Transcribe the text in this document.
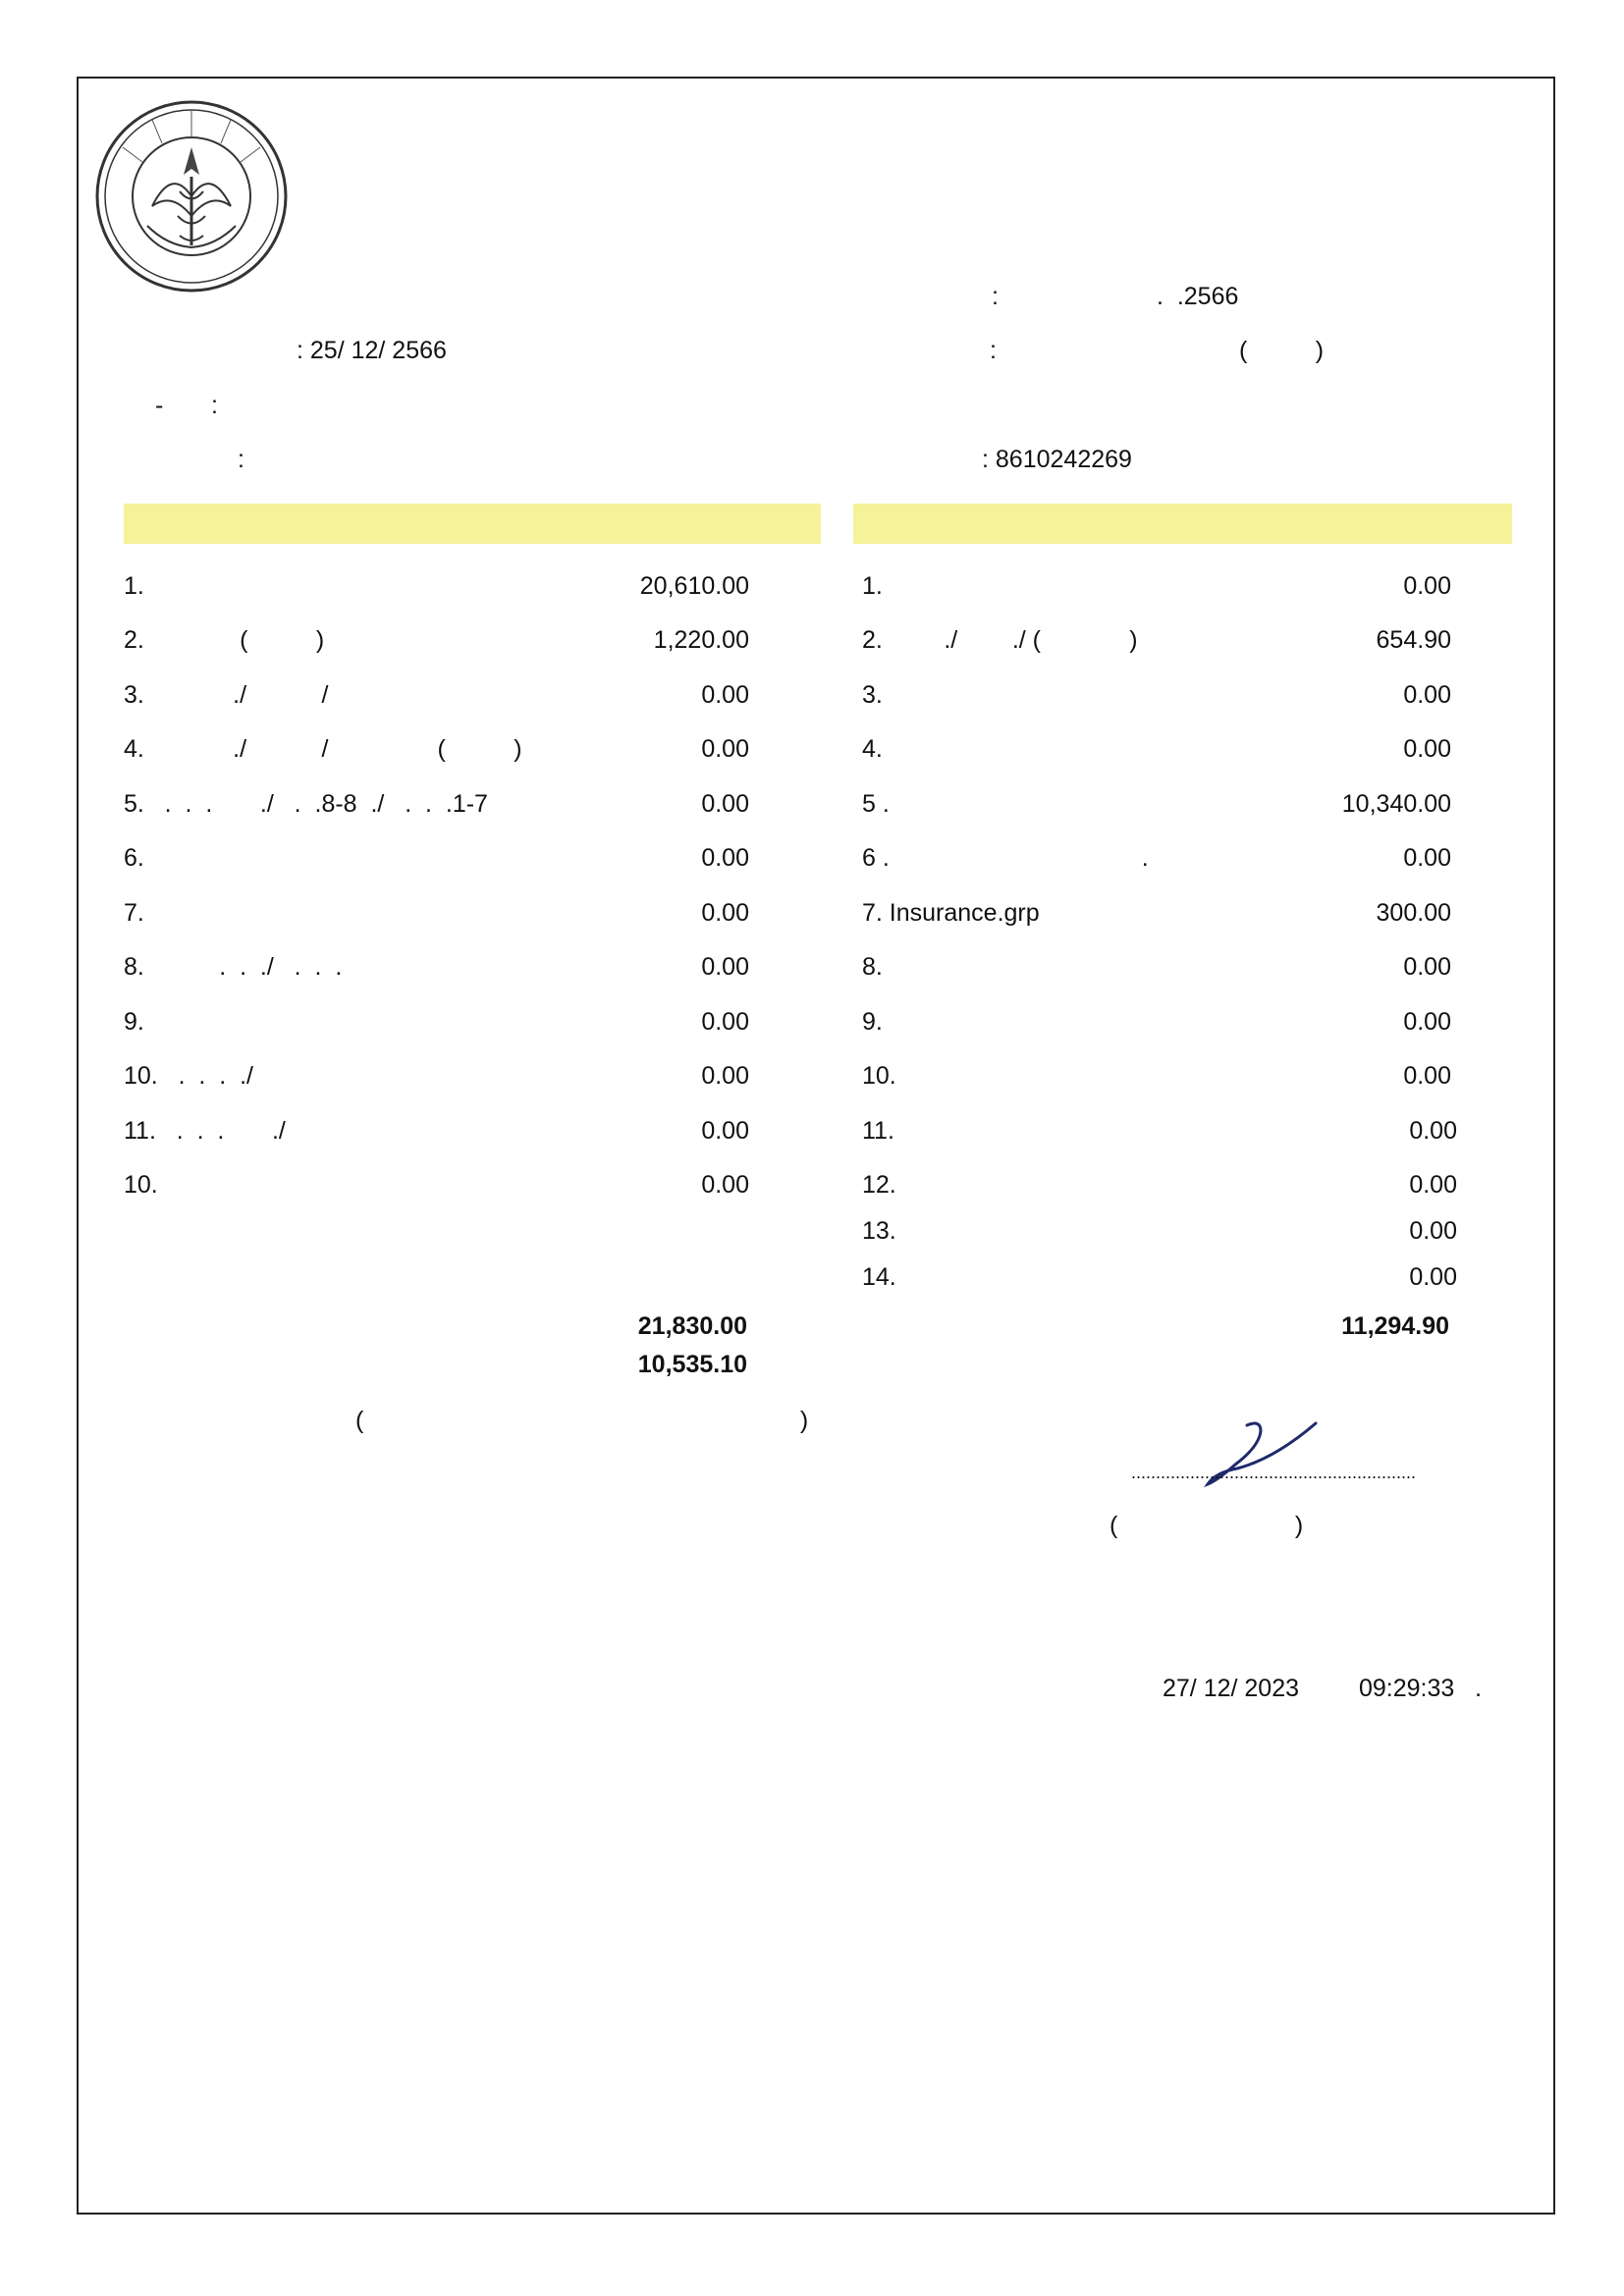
:	.  .2566
: 25/ 12/ 2566	:	(          )
-       :
:	: 8610242269
1.	20,610.00
2.              (          )	1,220.00
3.             ./           /	0.00
4.             ./           /                (          )	0.00
5.   .  .  .       ./   .  .8-8  ./   .  .  .1-7	0.00
6.	0.00
7.	0.00
8.           .  .  ./   .  .  .	0.00
9.	0.00
10.   .  .  .  ./	0.00
11.   .  .  .       ./	0.00
10.	0.00
21,830.00
10,535.10
(                                                                )
1.	0.00
2.         ./        ./ (             )	654.90
3.	0.00
4.	0.00
5 .	10,340.00
6 .                                     .	0.00
7. Insurance.grp	300.00
8.	0.00
9.	0.00
10.	0.00
11.	0.00
12.	0.00
13.	0.00
14.	0.00
11,294.90
..........................................................
(                          )
27/ 12/ 2023 09:29:33   .
